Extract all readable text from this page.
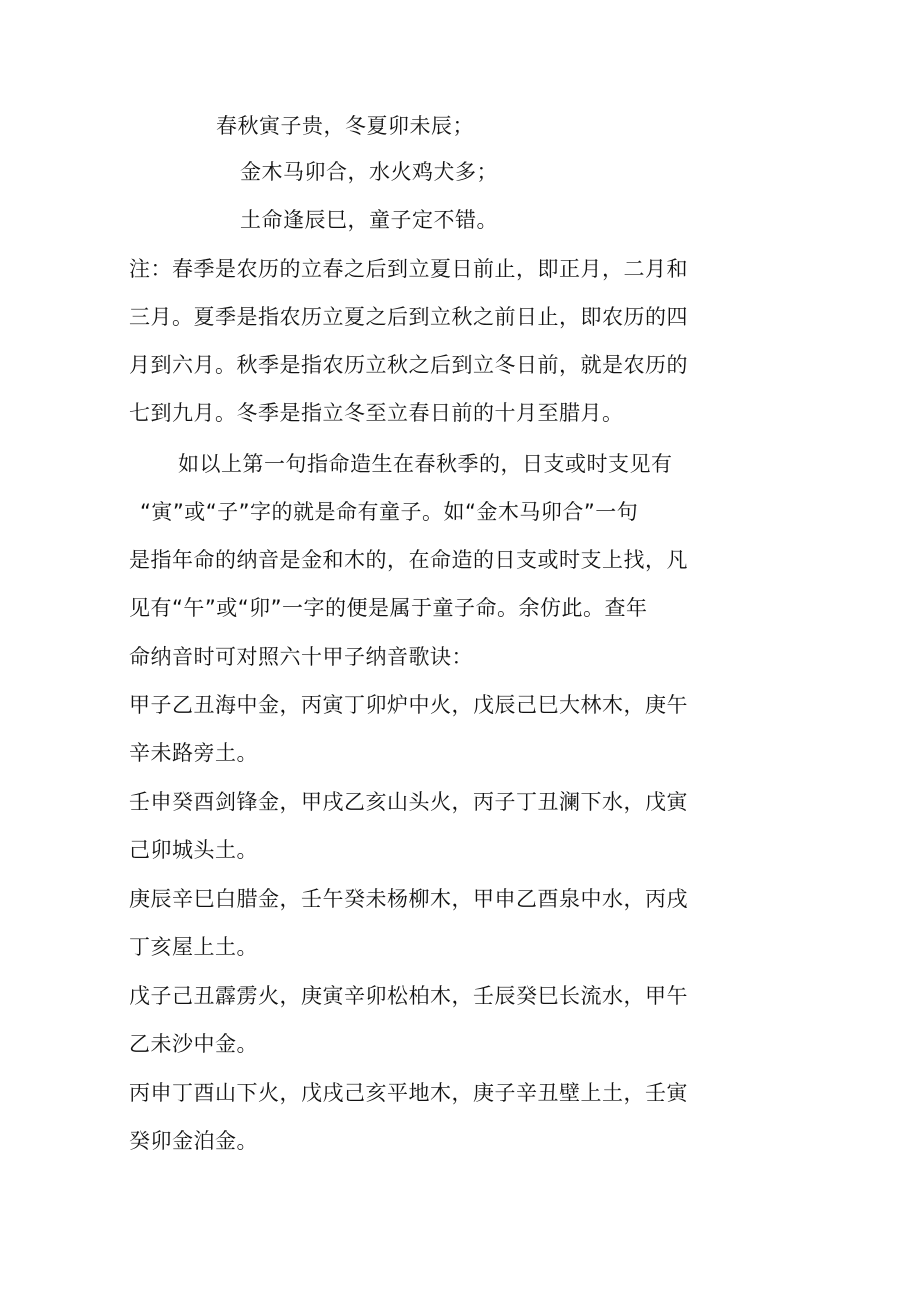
春秋寅子贵，冬夏卯未辰；
金木马卯合，水火鸡犬多；
土命逢辰巳，童子定不错。
注：春季是农历的立春之后到立夏日前止，即正月，二月和
三月。夏季是指农历立夏之后到立秋之前日止，即农历的四
月到六月。秋季是指农历立秋之后到立冬日前，就是农历的
七到九月。冬季是指立冬至立春日前的十月至腊月。
如以上第一句指命造生在春秋季的，日支或时支见有
“寅”或“子”字的就是命有童子。如“金木马卯合”一句
是指年命的纳音是金和木的，在命造的日支或时支上找，凡
见有“午”或“卯”一字的便是属于童子命。余仿此。查年
命纳音时可对照六十甲子纳音歌诀：
甲子乙丑海中金，丙寅丁卯炉中火，戊辰己巳大林木，庚午
辛未路旁土。
壬申癸酉剑锋金，甲戌乙亥山头火，丙子丁丑澜下水，戊寅
己卯城头土。
庚辰辛巳白腊金，壬午癸未杨柳木，甲申乙酉泉中水，丙戌
丁亥屋上土。
戊子己丑霹雳火，庚寅辛卯松柏木，壬辰癸巳长流水，甲午
乙未沙中金。
丙申丁酉山下火，戊戌己亥平地木，庚子辛丑壁上土，壬寅
癸卯金泊金。
